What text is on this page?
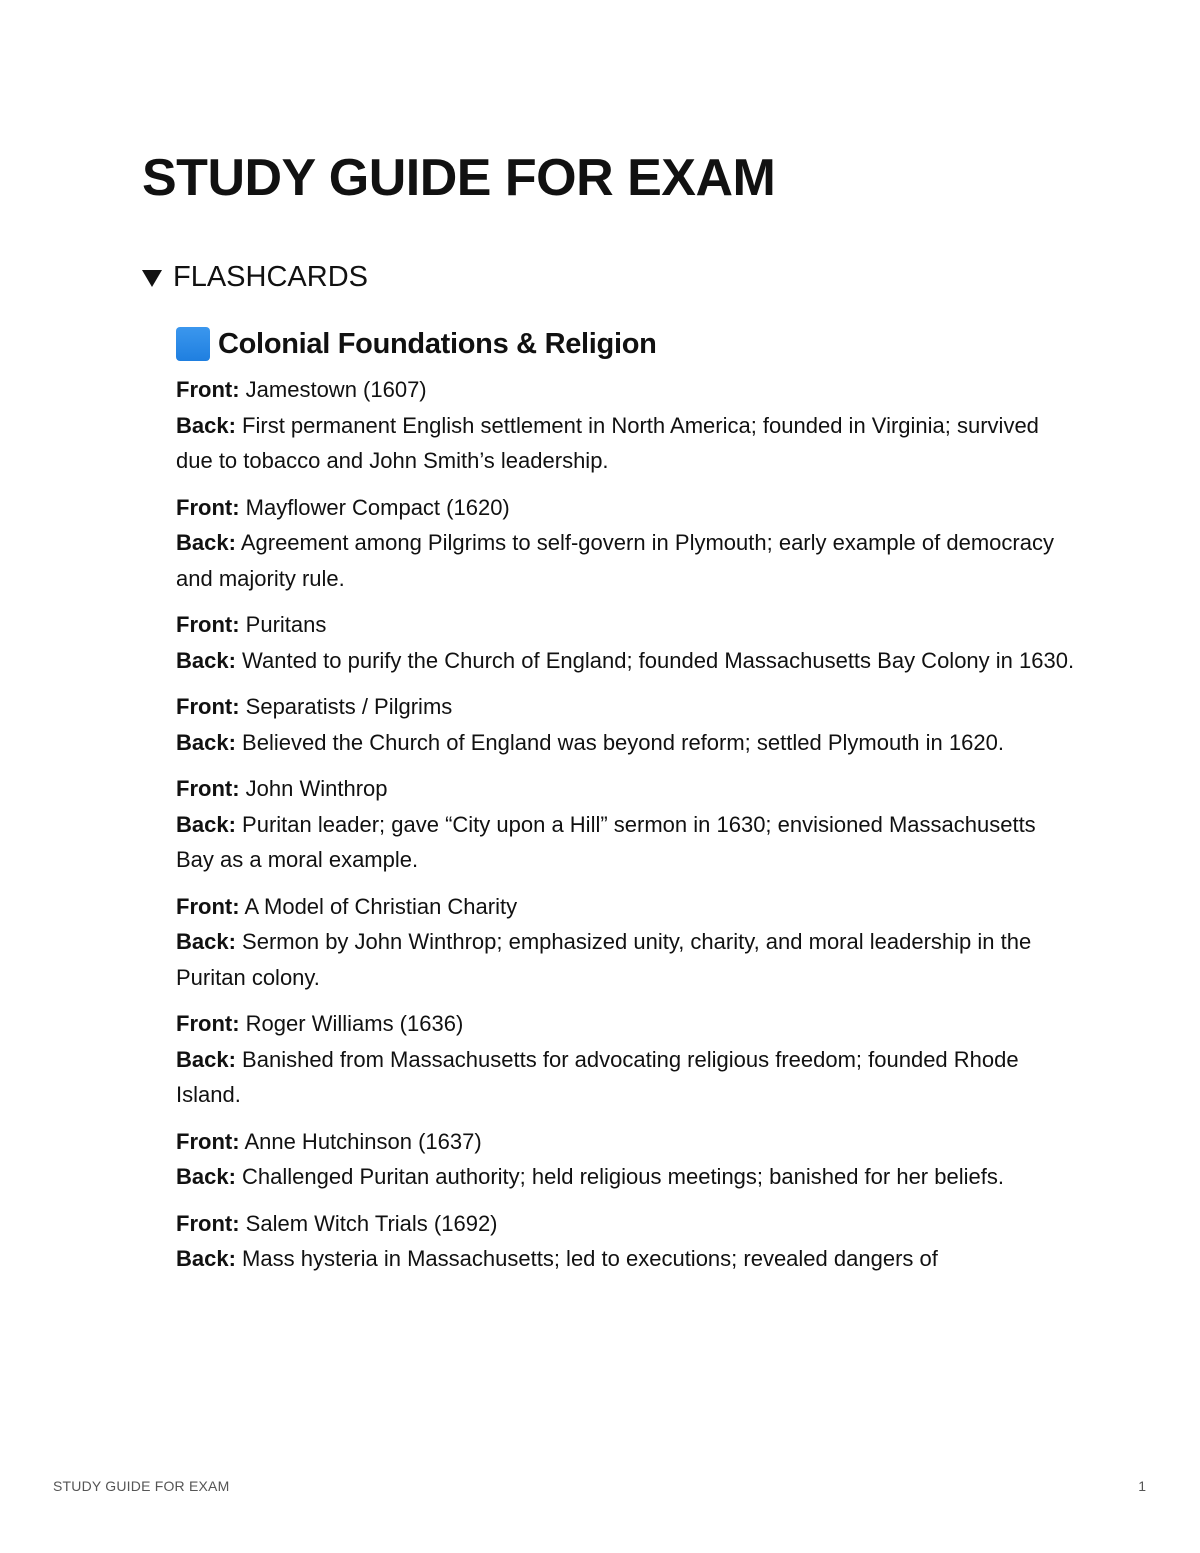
STUDY GUIDE FOR EXAM
FLASHCARDS
Colonial Foundations & Religion

Front: Jamestown (1607)

Back: First permanent English settlement in North America; founded in Virginia; survived due to tobacco and John Smith’s leadership.

Front: Mayflower Compact (1620)

Back: Agreement among Pilgrims to self-govern in Plymouth; early example of democracy and majority rule.

Front: Puritans

Back: Wanted to purify the Church of England; founded Massachusetts Bay Colony in 1630.

Front: Separatists / Pilgrims

Back: Believed the Church of England was beyond reform; settled Plymouth in 1620.

Front: John Winthrop

Back: Puritan leader; gave “City upon a Hill” sermon in 1630; envisioned Massachusetts Bay as a moral example.

Front: A Model of Christian Charity

Back: Sermon by John Winthrop; emphasized unity, charity, and moral leadership in the Puritan colony.

Front: Roger Williams (1636)

Back: Banished from Massachusetts for advocating religious freedom; founded Rhode Island.

Front: Anne Hutchinson (1637)

Back: Challenged Puritan authority; held religious meetings; banished for her beliefs.

Front: Salem Witch Trials (1692)

Back: Mass hysteria in Massachusetts; led to executions; revealed dangers of

STUDY GUIDE FOR EXAM	1
